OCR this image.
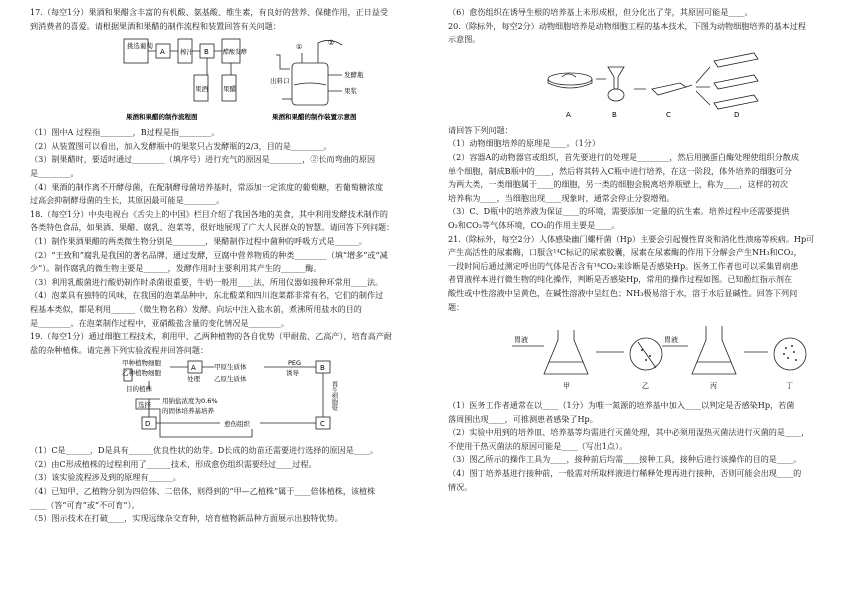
17.（每空1分）果酒和果醋含丰富的有机酸、氨基酸、维生素，有良好的营养、保健作用，正日益受
到消费者的喜爱。请根据果酒和果醋的制作流程和装置回答有关问题：
挑选葡萄
A 榨汁 B 醋酸发酵
果酒 果醋
①	②
出料口
发酵瓶
果浆
果酒和果醋的制作流程图	果酒和果醋的制作装置示意图
（1）图中A 过程指________，B过程是指________。
（2）从装置图可以看出，加入发酵瓶中的果浆只占发酵瓶的2/3，目的是________。
（3）制果醋时，要适时通过________（填序号）进行充气的原因是________，②长而弯曲的原因
是________。
（4）果酒的制作离不开酵母菌，在配制酵母菌培养基时，常添加一定浓度的葡萄糖，若葡萄糖浓度
过高会抑制酵母菌的生长，其原因最可能是________。
18.（每空1分）中央电视台《舌尖上的中国》栏目介绍了我国各地的美食，其中利用发酵技术制作的
各类特色食品，如果酒、果醋、腐乳、泡菜等，很好地展现了广大人民群众的智慧。请回答下列问题：
（1）制作果酒果醋的两类微生物分别是________，果醋制作过程中菌种的呼吸方式是______。
（2）“王致和”腐乳是我国的著名品牌，通过发酵，豆腐中营养物质的种类________（填“增多”或“减
少”）。制作腐乳的微生物主要是______，发酵作用时主要利用其产生的______酶。
（3）利用乳酸菌进行酸奶制作时杀菌很重要，牛奶一般用____法，所用仪器如接种环常用____法。
（4）泡菜具有独特的风味，在我国的泡菜品种中，东北酸菜和四川泡菜都非常有名，它们的制作过
程基本类似，都是利用______（微生物名称）发酵。向坛中注入盐水前，煮沸所用盐水的目的
是________。在泡菜制作过程中，亚硝酸盐含量的变化情况是________。
19.（每空1分）通过细胞工程技术，利用甲、乙两种植物的各自优势（甲耐盐、乙高产），培育高产耐
盐的杂种植株。请完善下列实验流程并回答问题：
甲种植物细胞
乙种植物细胞
A
处理
甲原生质体
乙原生质体
PEG
诱导
B
再生细胞壁
C
愈伤组织
D
用钠盐浓度为0.6%
的固体培养基培养
目的植株
选择
（1）C是______，D是具有______优良性状的幼芽。D长成的幼苗还需要进行选择的原因是____。
（2）由C形成植株的过程利用了______技术，形成愈伤组织需要经过____过程。
（3）该实验流程涉及到的原理有______。
（4）已知甲、乙植物分别为四倍体、二倍体，则得到的“甲—乙植株”属于____倍体植株，该植株
____（答“可育”或“不可育”）。
（5）图示技术在打破____，实现远缘杂交育种，培育植物新品种方面展示出独特优势。
（6）愈伤组织在诱导生根的培养基上未形成根，但分化出了芽，其原因可能是____。
20.（除标外，每空2分）动物细胞培养是动物细胞工程的基本技术，下图为动物细胞培养的基本过程
示意图。
A	B	C	D
请回答下列问题：
（1）动物细胞培养的原理是____。（1分）
（2）容器A的动物器官或组织，首先要进行的处理是________，然后用胰蛋白酶处理使组织分散成
单个细胞，制成B瓶中的____，然后将其转入C瓶中进行培养，在这一阶段，体外培养的细胞可分
为两大类，一类细胞属于____的细胞，另一类的细胞会脱离培养瓶壁上，称为____，这样的初次
培养称为____，当细胞出现____现象时，通常会停止分裂增殖。
（3）C、D瓶中的培养液为保证____的环境，需要添加一定量的抗生素。培养过程中还需要提供
O₂和CO₂等气体环境，CO₂的作用主要是____。
21.（除标外，每空2分）人体感染幽门螺杆菌（Hp）主要会引起慢性胃炎和消化性溃疡等疾病。Hp可
产生高活性的尿素酶，口服含¹⁴C标记的尿素胶囊，尿素在尿素酶的作用下分解会产生NH₃和CO₂，
一段时间后通过测定呼出的气体是否含有¹⁴CO₂来诊断是否感染Hp。医务工作者也可以采集胃病患
者胃液样本进行微生物的纯化操作，判断是否感染Hp，常用的操作过程如图。已知酚红指示剂在
酸性或中性溶液中呈黄色，在碱性溶液中呈红色；NH₃极易溶于水，溶于水后显碱性。回答下列问
题：
胃液	胃液
甲	乙	丙	丁
（1）医务工作者通常在以____（1分）为唯一氮源的培养基中加入____以判定是否感染Hp，若菌
落周围出现____，可推测患者感染了Hp。
（2）实验中用到的培养皿、培养基等均需进行灭菌处理，其中必须用湿热灭菌法进行灭菌的是____，
不使用干热灭菌法的原因可能是____（写出1点）。
（3）图乙所示的操作工具为____，接种前后均需____接种工具，接种后进行该操作的目的是____。
（4）图丁培养基进行接种前，一般需对所取样液进行稀释处理再进行接种，否则可能会出现____的
情况。
